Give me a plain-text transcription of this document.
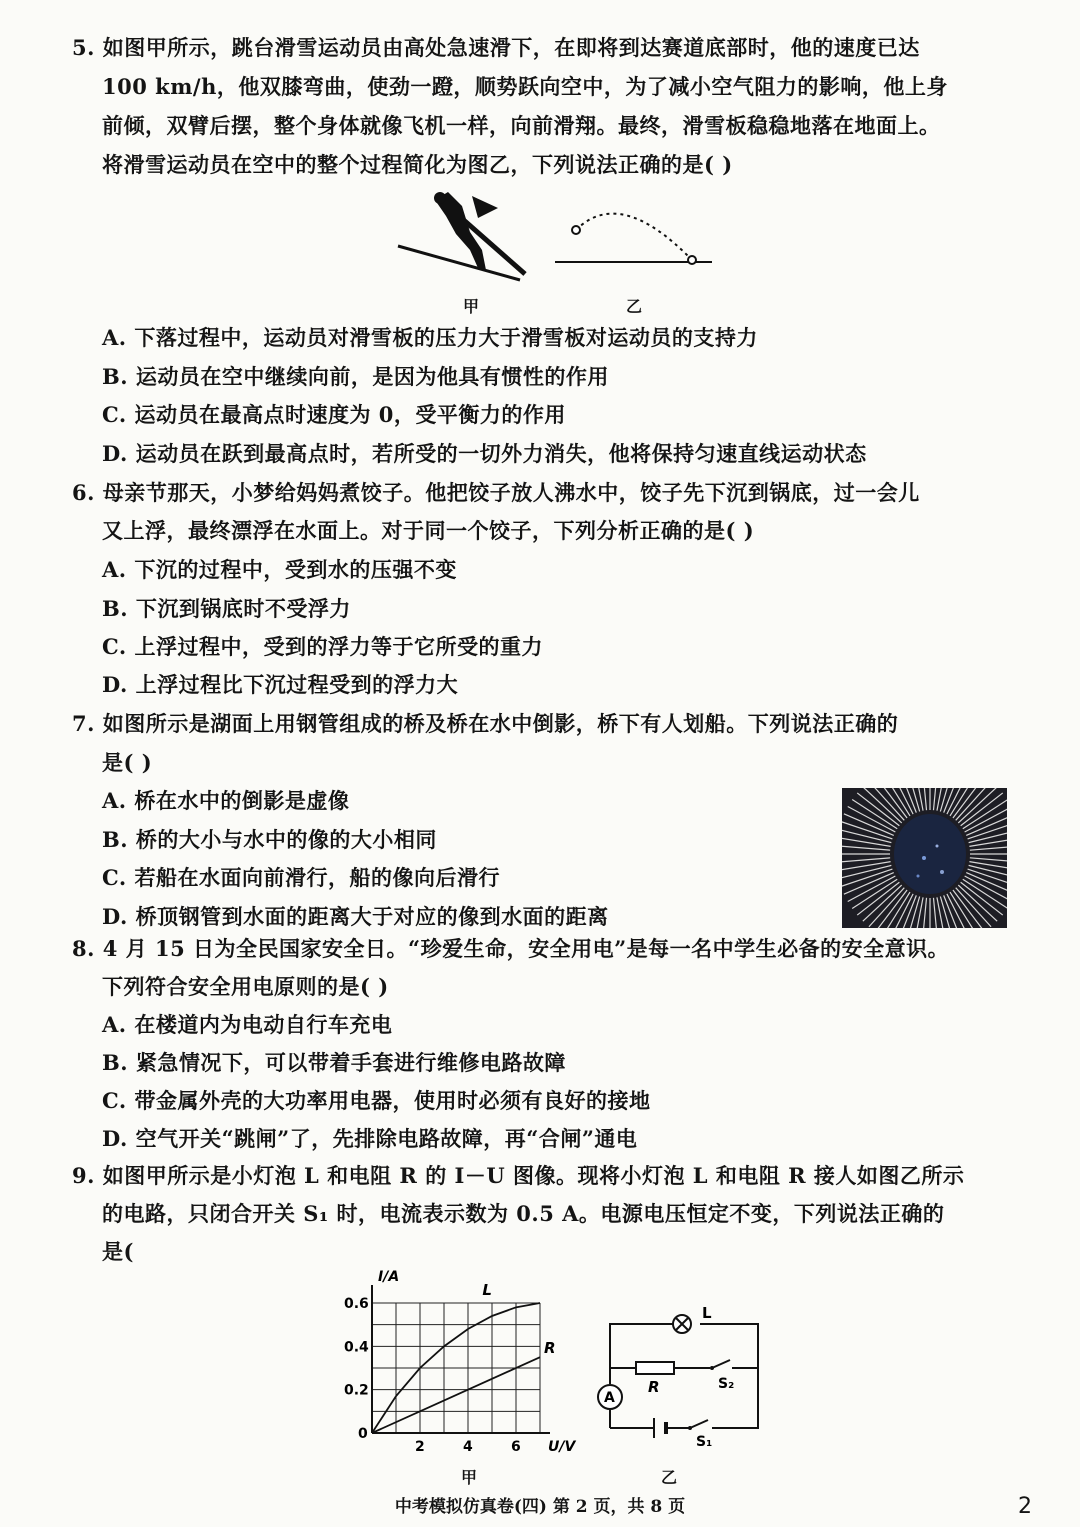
5. 如图甲所示，跳台滑雪运动员由高处急速滑下，在即将到达赛道底部时，他的速度已达
100 km/h，他双膝弯曲，使劲一蹬，顺势跃向空中，为了减小空气阻力的影响，他上身
前倾，双臂后摆，整个身体就像飞机一样，向前滑翔。最终，滑雪板稳稳地落在地面上。
将滑雪运动员在空中的整个过程简化为图乙，下列说法正确的是( )
甲	乙
A. 下落过程中，运动员对滑雪板的压力大于滑雪板对运动员的支持力
B. 运动员在空中继续向前，是因为他具有惯性的作用
C. 运动员在最高点时速度为 0，受平衡力的作用
D. 运动员在跃到最高点时，若所受的一切外力消失，他将保持匀速直线运动状态
6. 母亲节那天，小梦给妈妈煮饺子。他把饺子放人沸水中，饺子先下沉到锅底，过一会儿
又上浮，最终漂浮在水面上。对于同一个饺子，下列分析正确的是( )
A. 下沉的过程中，受到水的压强不变
B. 下沉到锅底时不受浮力
C. 上浮过程中，受到的浮力等于它所受的重力
D. 上浮过程比下沉过程受到的浮力大
7. 如图所示是湖面上用钢管组成的桥及桥在水中倒影，桥下有人划船。下列说法正确的
是( )
A. 桥在水中的倒影是虚像
B. 桥的大小与水中的像的大小相同
C. 若船在水面向前滑行，船的像向后滑行
D. 桥顶钢管到水面的距离大于对应的像到水面的距离
8. 4 月 15 日为全民国家安全日。“珍爱生命，安全用电”是每一名中学生必备的安全意识。
下列符合安全用电原则的是( )
A. 在楼道内为电动自行车充电
B. 紧急情况下，可以带着手套进行维修电路故障
C. 带金属外壳的大功率用电器，使用时必须有良好的接地
D. 空气开关“跳闸”了，先排除电路故障，再“合闸”通电
9. 如图甲所示是小灯泡 L 和电阻 R 的 I－U 图像。现将小灯泡 L 和电阻 R 接人如图乙所示
的电路，只闭合开关 S₁ 时，电流表示数为 0.5 A。电源电压恒定不变，下列说法正确的
是(
L
R
2	4	6
0.2
0.4
0.6
0
U/V
I/A
甲
L
R	S₂
A
S₁
乙
中考模拟仿真卷(四) 第 2 页，共 8 页	2
